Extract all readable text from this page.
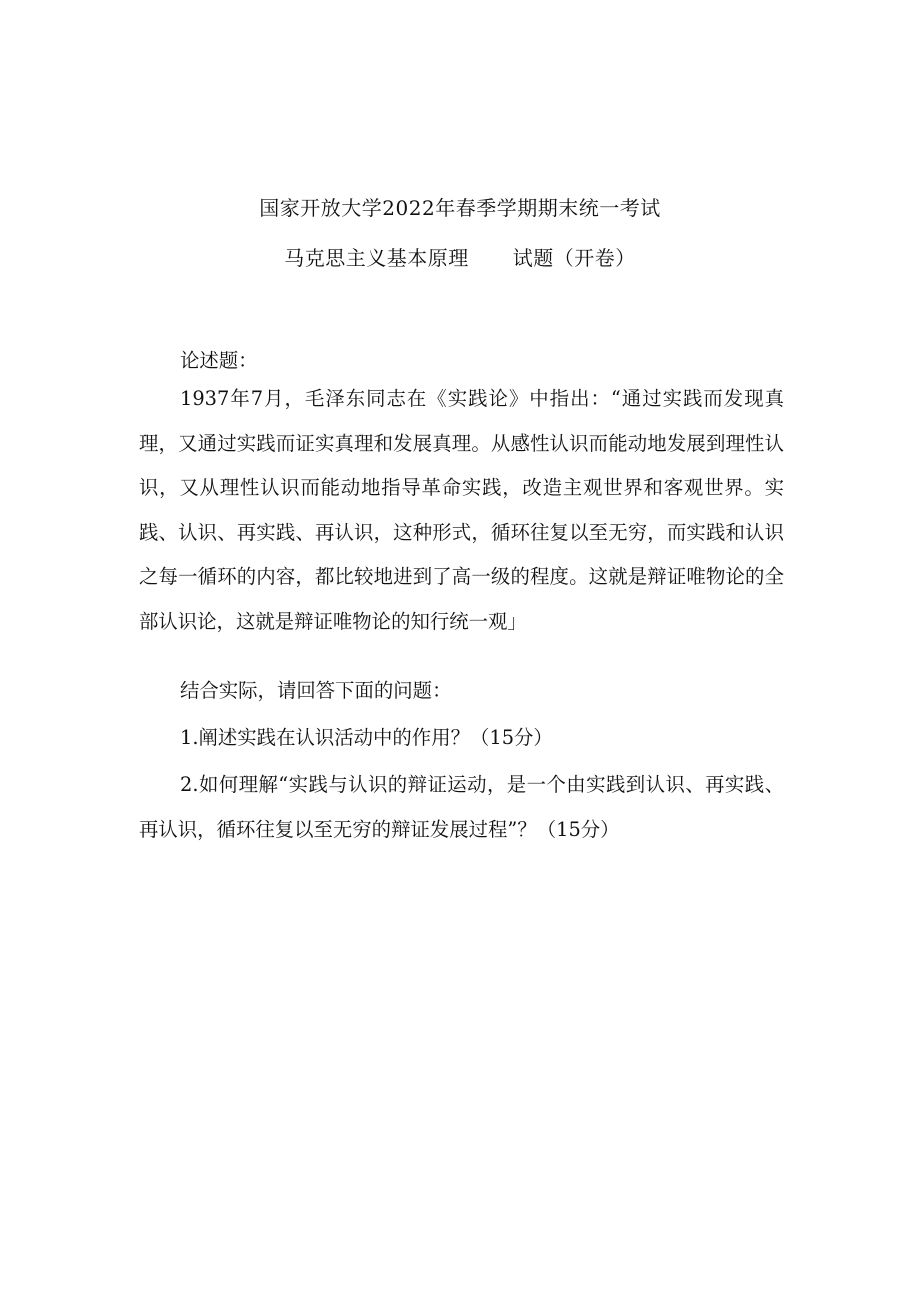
国家开放大学2022年春季学期期末统一考试
马克思主义基本原理 试题（开卷）
论述题：
1937年7月，毛泽东同志在《实践论》中指出：“通过实践而发现真理，又通过实践而证实真理和发展真理。从感性认识而能动地发展到理性认识，又从理性认识而能动地指导革命实践，改造主观世界和客观世界。实践、认识、再实践、再认识，这种形式，循环往复以至无穷，而实践和认识之每一循环的内容，都比较地进到了高一级的程度。这就是辩证唯物论的全部认识论，这就是辩证唯物论的知行统一观」
结合实际，请回答下面的问题：
1.阐述实践在认识活动中的作用？（15分）
2.如何理解“实践与认识的辩证运动，是一个由实践到认识、再实践、再认识，循环往复以至无穷的辩证发展过程”？（15分）
